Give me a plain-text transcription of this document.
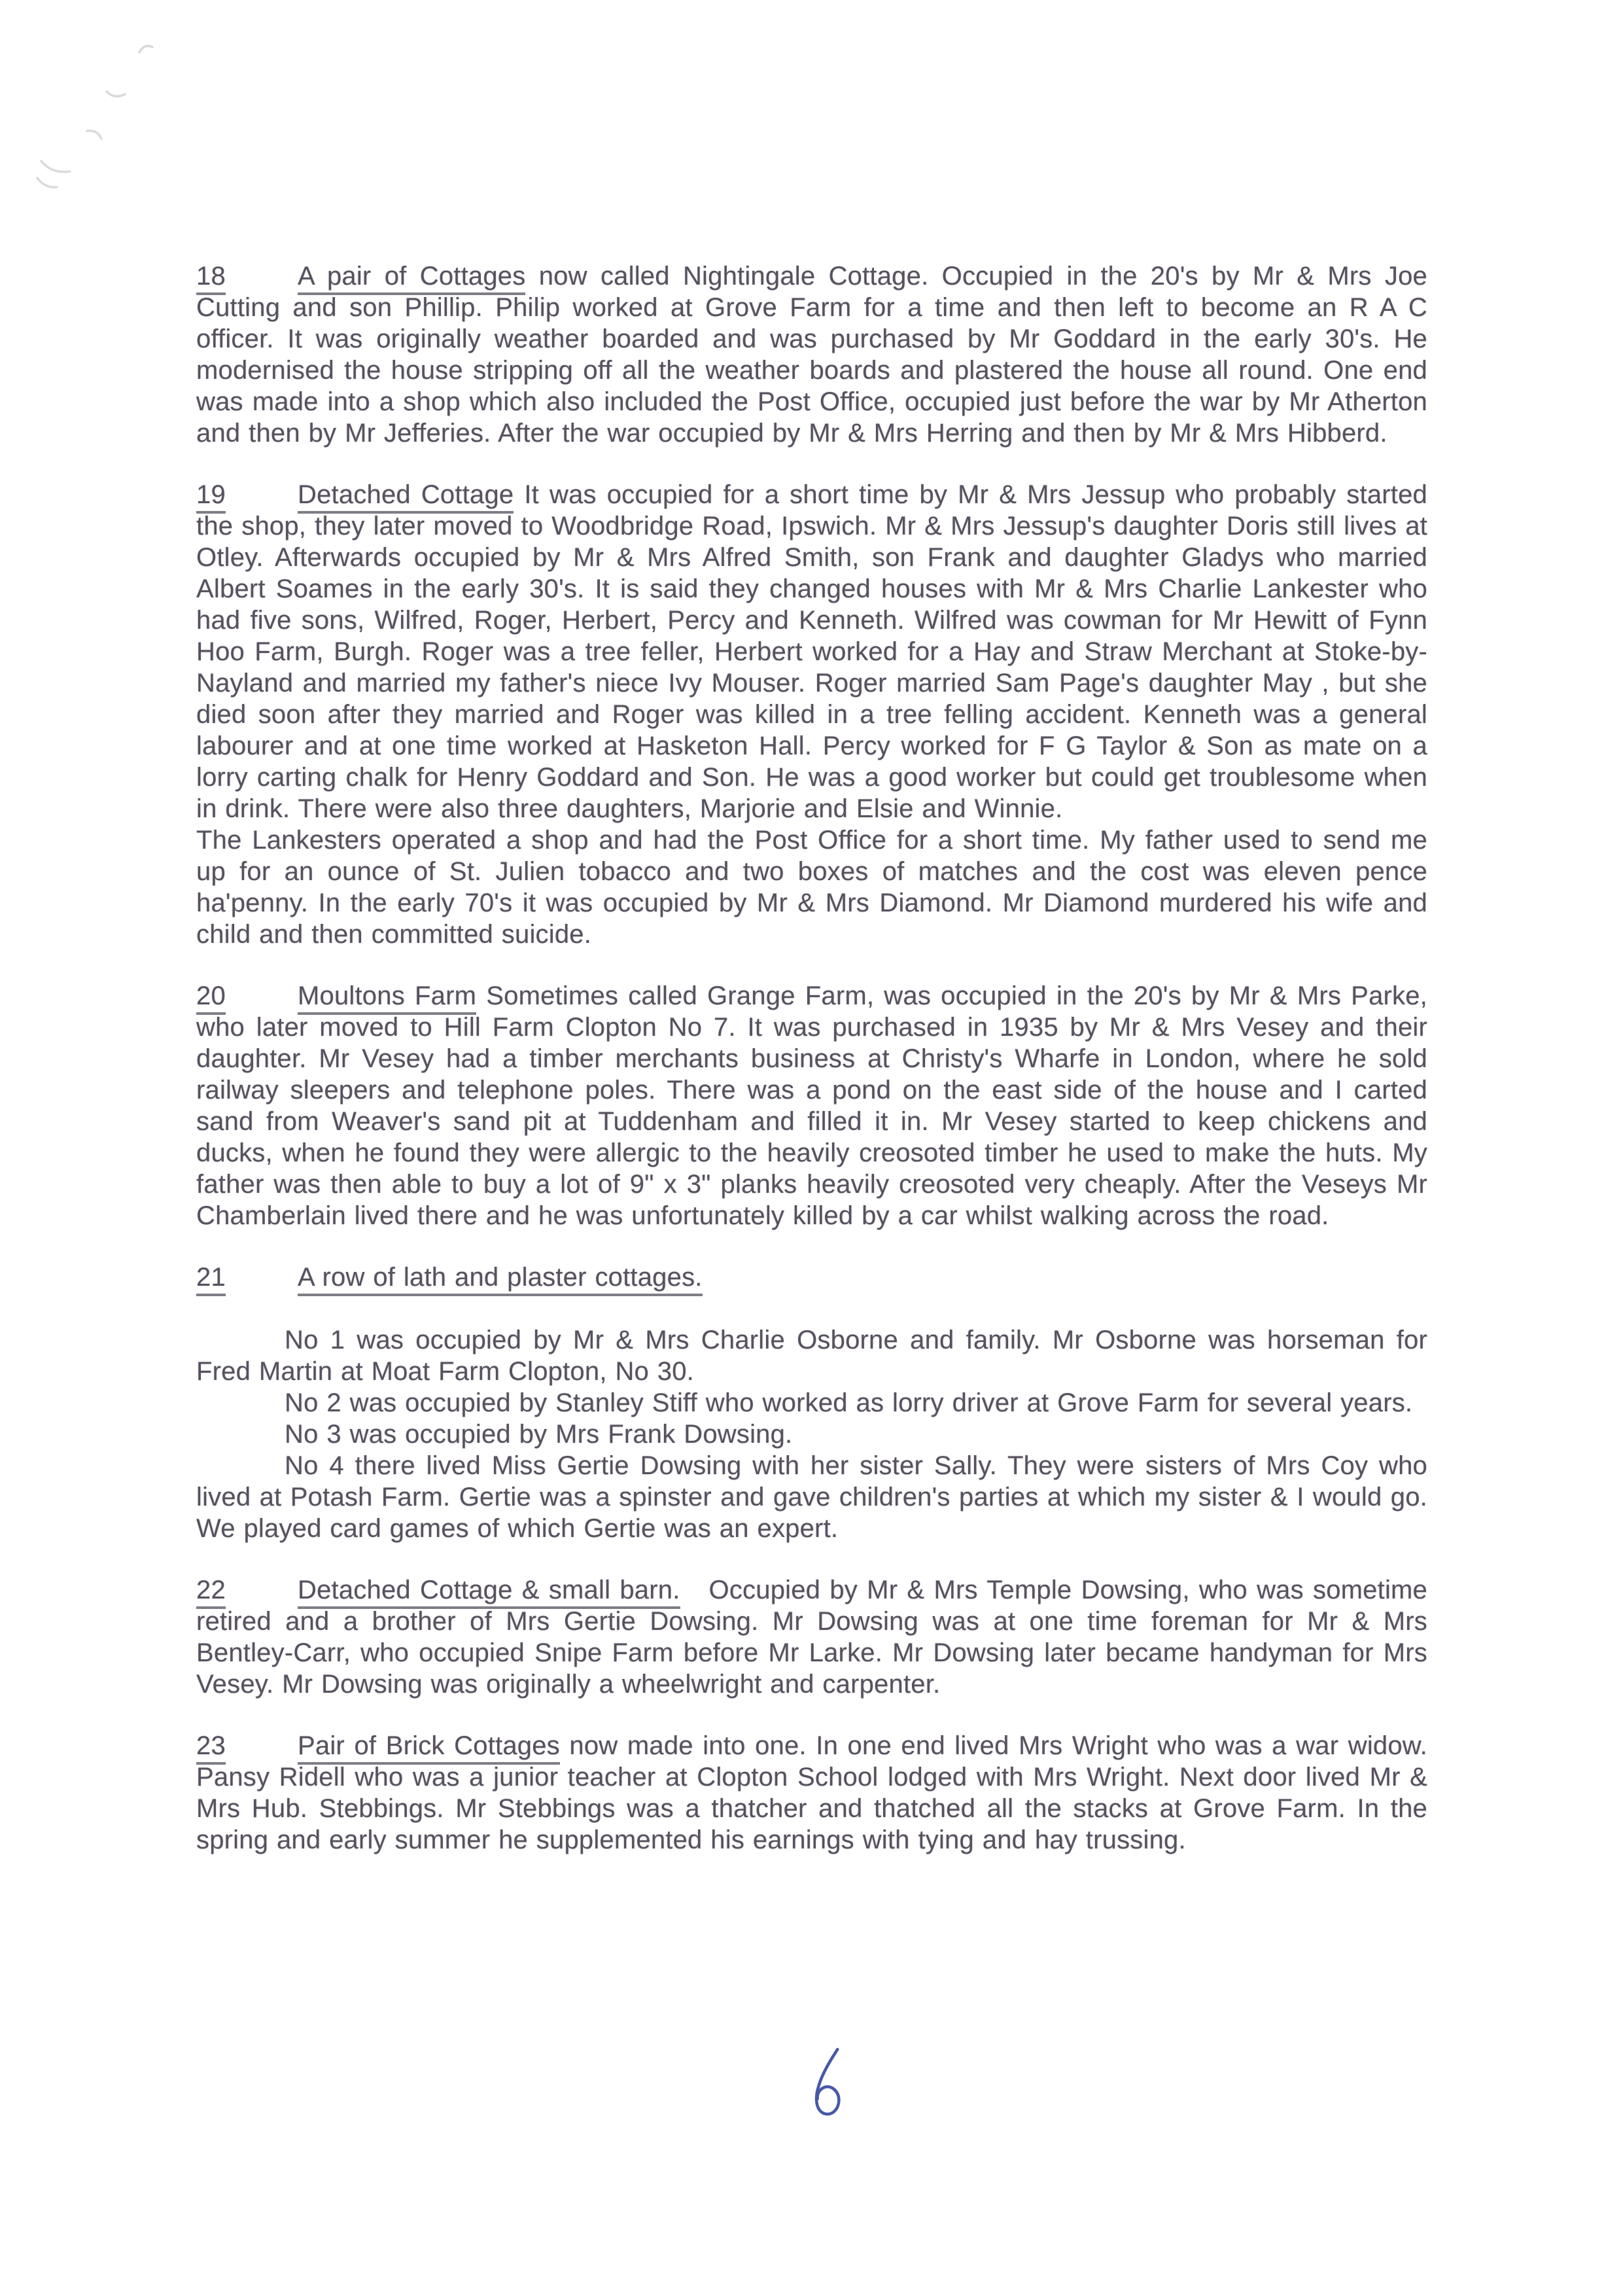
18	A pair of Cottages now called Nightingale Cottage. Occupied in the 20's by Mr & Mrs Joe Cutting and son Phillip. Philip worked at Grove Farm for a time and then left to become an R A C officer. It was originally weather boarded and was purchased by Mr Goddard in the early 30's. He modernised the house stripping off all the weather boards and plastered the house all round. One end was made into a shop which also included the Post Office, occupied just before the war by Mr Atherton and then by Mr Jefferies. After the war occupied by Mr & Mrs Herring and then by Mr & Mrs Hibberd.

19	Detached Cottage It was occupied for a short time by Mr & Mrs Jessup who probably started the shop, they later moved to Woodbridge Road, Ipswich. Mr & Mrs Jessup's daughter Doris still lives at Otley. Afterwards occupied by Mr & Mrs Alfred Smith, son Frank and daughter Gladys who married Albert Soames in the early 30's. It is said they changed houses with Mr & Mrs Charlie Lankester who had five sons, Wilfred, Roger, Herbert, Percy and Kenneth. Wilfred was cowman for Mr Hewitt of Fynn Hoo Farm, Burgh. Roger was a tree feller, Herbert worked for a Hay and Straw Merchant at Stoke-by-Nayland and married my father's niece Ivy Mouser. Roger married Sam Page's daughter May , but she died soon after they married and Roger was killed in a tree felling accident. Kenneth was a general labourer and at one time worked at Hasketon Hall. Percy worked for F G Taylor & Son as mate on a lorry carting chalk for Henry Goddard and Son. He was a good worker but could get troublesome when in drink. There were also three daughters, Marjorie and Elsie and Winnie.

The Lankesters operated a shop and had the Post Office for a short time. My father used to send me up for an ounce of St. Julien tobacco and two boxes of matches and the cost was eleven pence ha'penny. In the early 70's it was occupied by Mr & Mrs Diamond. Mr Diamond murdered his wife and child and then committed suicide.

20	Moultons Farm Sometimes called Grange Farm, was occupied in the 20's by Mr & Mrs Parke, who later moved to Hill Farm Clopton No 7. It was purchased in 1935 by Mr & Mrs Vesey and their daughter. Mr Vesey had a timber merchants business at Christy's Wharfe in London, where he sold railway sleepers and telephone poles. There was a pond on the east side of the house and I carted sand from Weaver's sand pit at Tuddenham and filled it in. Mr Vesey started to keep chickens and ducks, when he found they were allergic to the heavily creosoted timber he used to make the huts. My father was then able to buy a lot of 9" x 3" planks heavily creosoted very cheaply. After the Veseys Mr Chamberlain lived there and he was unfortunately killed by a car whilst walking across the road.

21	A row of lath and plaster cottages.

No 1 was occupied by Mr & Mrs Charlie Osborne and family. Mr Osborne was horseman for Fred Martin at Moat Farm Clopton, No 30.

No 2 was occupied by Stanley Stiff who worked as lorry driver at Grove Farm for several years.

No 3 was occupied by Mrs Frank Dowsing.

No 4 there lived Miss Gertie Dowsing with her sister Sally. They were sisters of Mrs Coy who lived at Potash Farm. Gertie was a spinster and gave children's parties at which my sister & I would go. We played card games of which Gertie was an expert.

22	Detached Cottage & small barn. Occupied by Mr & Mrs Temple Dowsing, who was sometime retired and a brother of Mrs Gertie Dowsing. Mr Dowsing was at one time foreman for Mr & Mrs Bentley-Carr, who occupied Snipe Farm before Mr Larke. Mr Dowsing later became handyman for Mrs Vesey. Mr Dowsing was originally a wheelwright and carpenter.

23	Pair of Brick Cottages now made into one. In one end lived Mrs Wright who was a war widow. Pansy Ridell who was a junior teacher at Clopton School lodged with Mrs Wright. Next door lived Mr & Mrs Hub. Stebbings. Mr Stebbings was a thatcher and thatched all the stacks at Grove Farm. In the spring and early summer he supplemented his earnings with tying and hay trussing.
